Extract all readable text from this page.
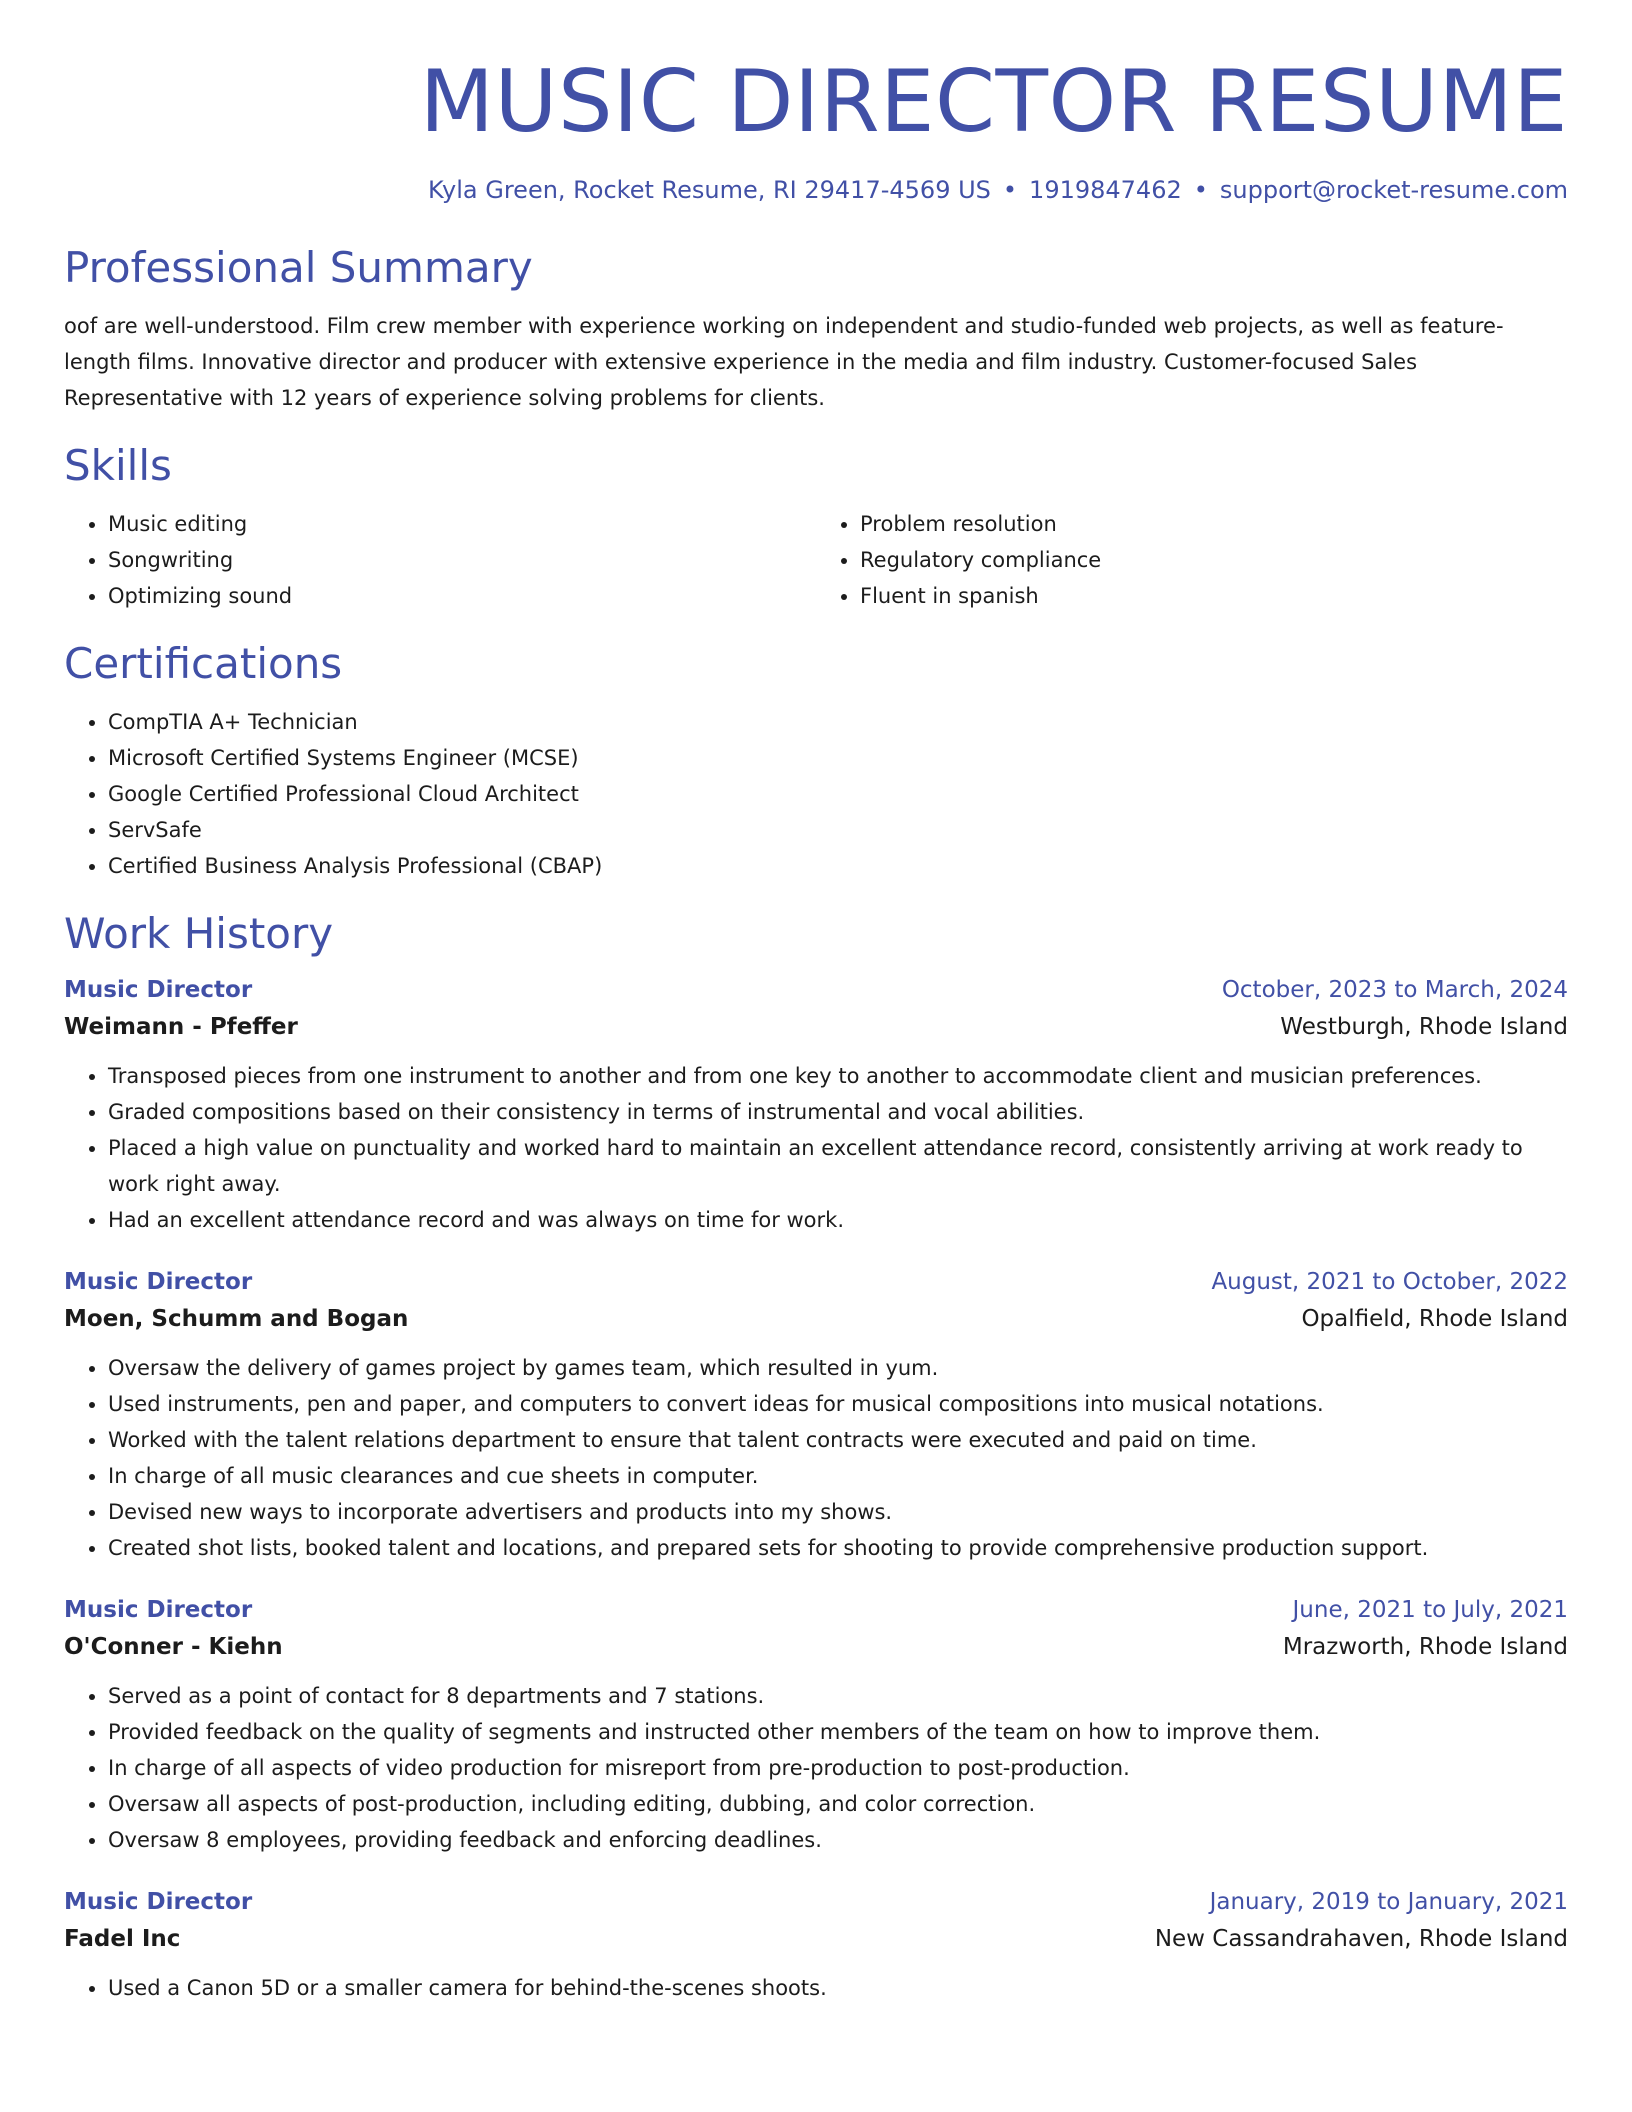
MUSIC DIRECTOR RESUME
Kyla Green, Rocket Resume, RI 29417-4569 US • 1919847462 • support@rocket-resume.com
Professional Summary

oof are well-understood. Film crew member with experience working on independent and studio-funded web projects, as well as feature-length films. Innovative director and producer with extensive experience in the media and film industry. Customer-focused Sales Representative with 12 years of experience solving problems for clients.

Skills
• Music editing
• Songwriting
• Optimizing sound
• Problem resolution
• Regulatory compliance
• Fluent in spanish
Certifications
• CompTIA A+ Technician
• Microsoft Certified Systems Engineer (MCSE)
• Google Certified Professional Cloud Architect
• ServSafe
• Certified Business Analysis Professional (CBAP)
Work History
Music Director	October, 2023 to March, 2024
Weimann - Pfeffer	Westburgh, Rhode Island
• Transposed pieces from one instrument to another and from one key to another to accommodate client and musician preferences.
• Graded compositions based on their consistency in terms of instrumental and vocal abilities.
• Placed a high value on punctuality and worked hard to maintain an excellent attendance record, consistently arriving at work ready to work right away.
• Had an excellent attendance record and was always on time for work.
Music Director	August, 2021 to October, 2022
Moen, Schumm and Bogan	Opalfield, Rhode Island
• Oversaw the delivery of games project by games team, which resulted in yum.
• Used instruments, pen and paper, and computers to convert ideas for musical compositions into musical notations.
• Worked with the talent relations department to ensure that talent contracts were executed and paid on time.
• In charge of all music clearances and cue sheets in computer.
• Devised new ways to incorporate advertisers and products into my shows.
• Created shot lists, booked talent and locations, and prepared sets for shooting to provide comprehensive production support.
Music Director	June, 2021 to July, 2021
O'Conner - Kiehn	Mrazworth, Rhode Island
• Served as a point of contact for 8 departments and 7 stations.
• Provided feedback on the quality of segments and instructed other members of the team on how to improve them.
• In charge of all aspects of video production for misreport from pre-production to post-production.
• Oversaw all aspects of post-production, including editing, dubbing, and color correction.
• Oversaw 8 employees, providing feedback and enforcing deadlines.
Music Director	January, 2019 to January, 2021
Fadel Inc	New Cassandrahaven, Rhode Island
• Used a Canon 5D or a smaller camera for behind-the-scenes shoots.
